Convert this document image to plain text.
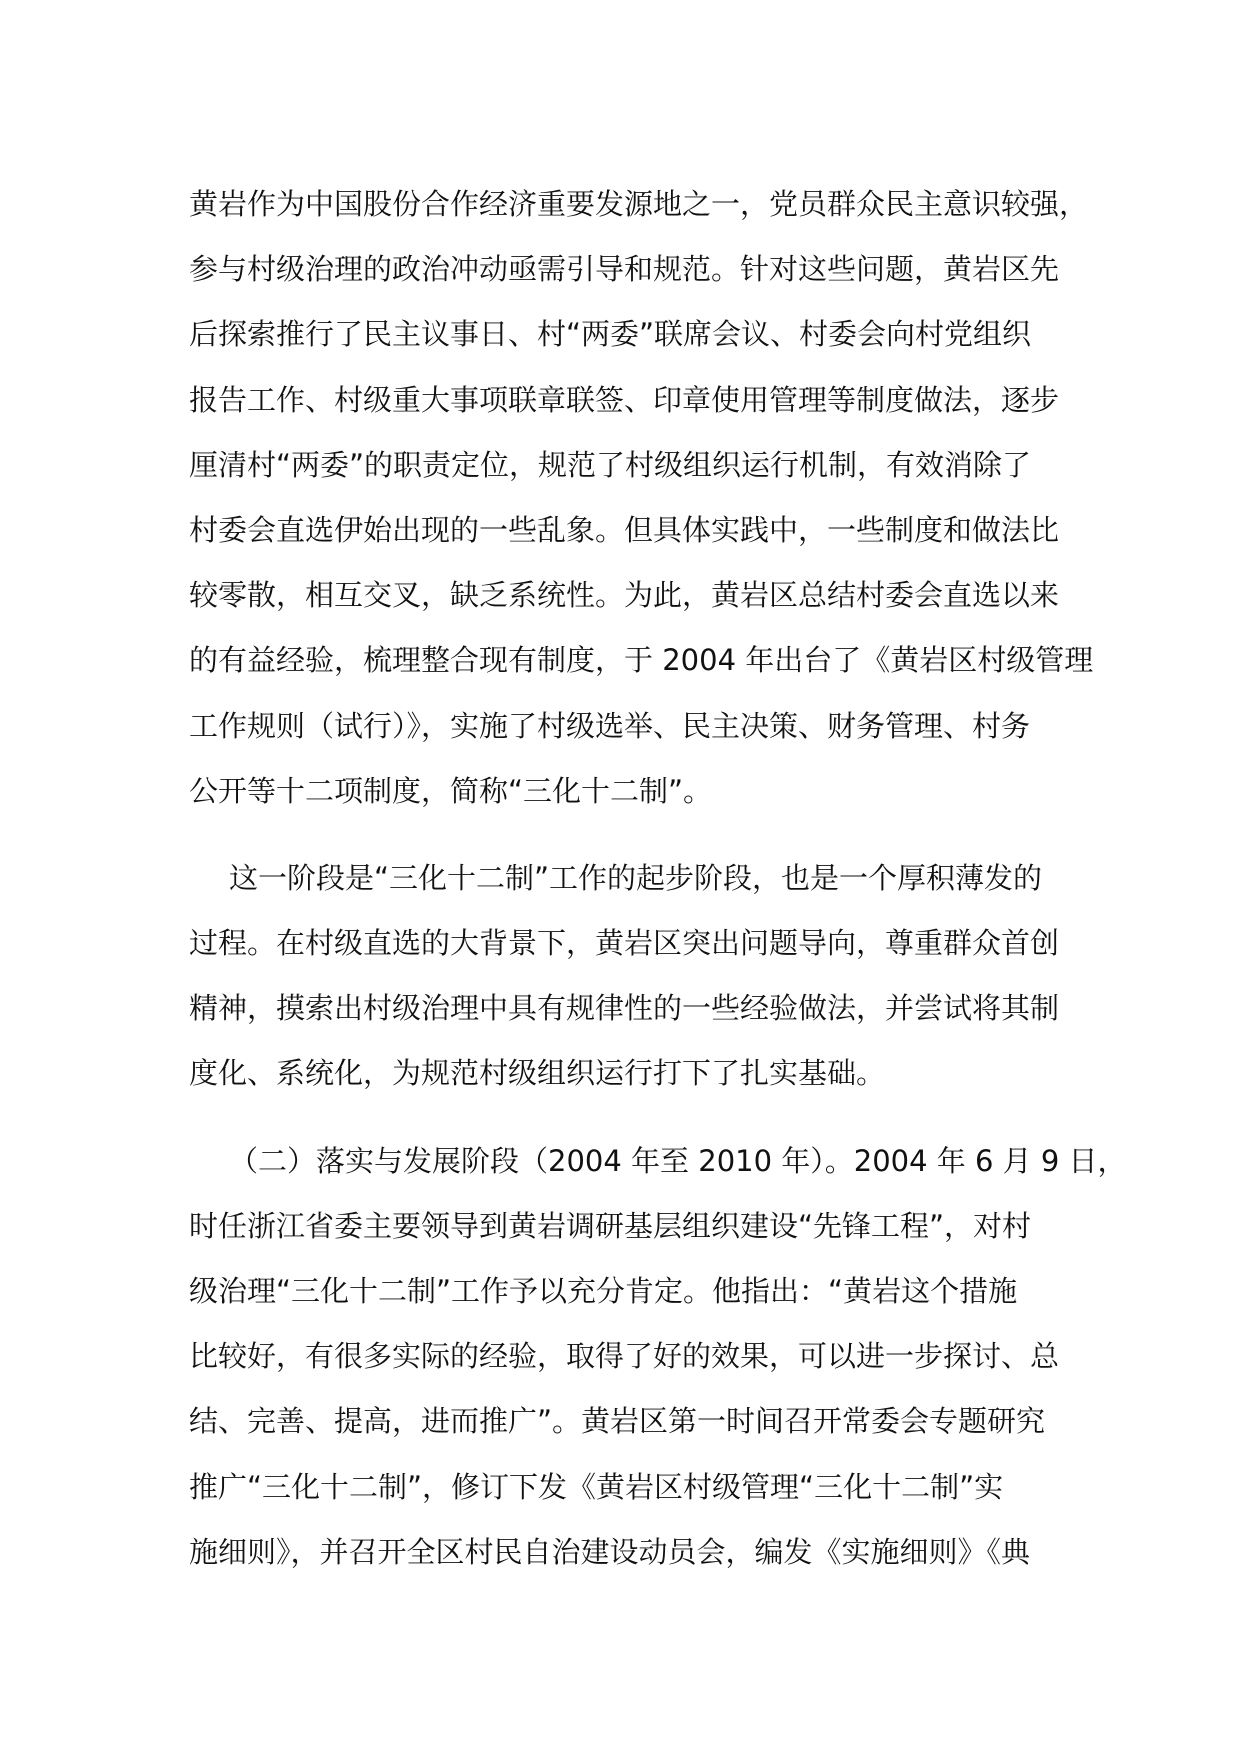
黄岩作为中国股份合作经济重要发源地之一，党员群众民主意识较强，
参与村级治理的政治冲动亟需引导和规范。针对这些问题，黄岩区先
后探索推行了民主议事日、村“两委”联席会议、村委会向村党组织
报告工作、村级重大事项联章联签、印章使用管理等制度做法，逐步
厘清村“两委”的职责定位，规范了村级组织运行机制，有效消除了
村委会直选伊始出现的一些乱象。但具体实践中，一些制度和做法比
较零散，相互交叉，缺乏系统性。为此，黄岩区总结村委会直选以来
的有益经验，梳理整合现有制度，于 2004 年出台了《黄岩区村级管理
工作规则（试行）》，实施了村级选举、民主决策、财务管理、村务
公开等十二项制度，简称“三化十二制”。
这一阶段是“三化十二制”工作的起步阶段，也是一个厚积薄发的
过程。在村级直选的大背景下，黄岩区突出问题导向，尊重群众首创
精神，摸索出村级治理中具有规律性的一些经验做法，并尝试将其制
度化、系统化，为规范村级组织运行打下了扎实基础。
（二）落实与发展阶段（2004 年至 2010 年）。2004 年 6 月 9 日，
时任浙江省委主要领导到黄岩调研基层组织建设“先锋工程”，对村
级治理“三化十二制”工作予以充分肯定。他指出：“黄岩这个措施
比较好，有很多实际的经验，取得了好的效果，可以进一步探讨、总
结、完善、提高，进而推广”。黄岩区第一时间召开常委会专题研究
推广“三化十二制”，修订下发《黄岩区村级管理“三化十二制”实
施细则》，并召开全区村民自治建设动员会，编发《实施细则》《典
